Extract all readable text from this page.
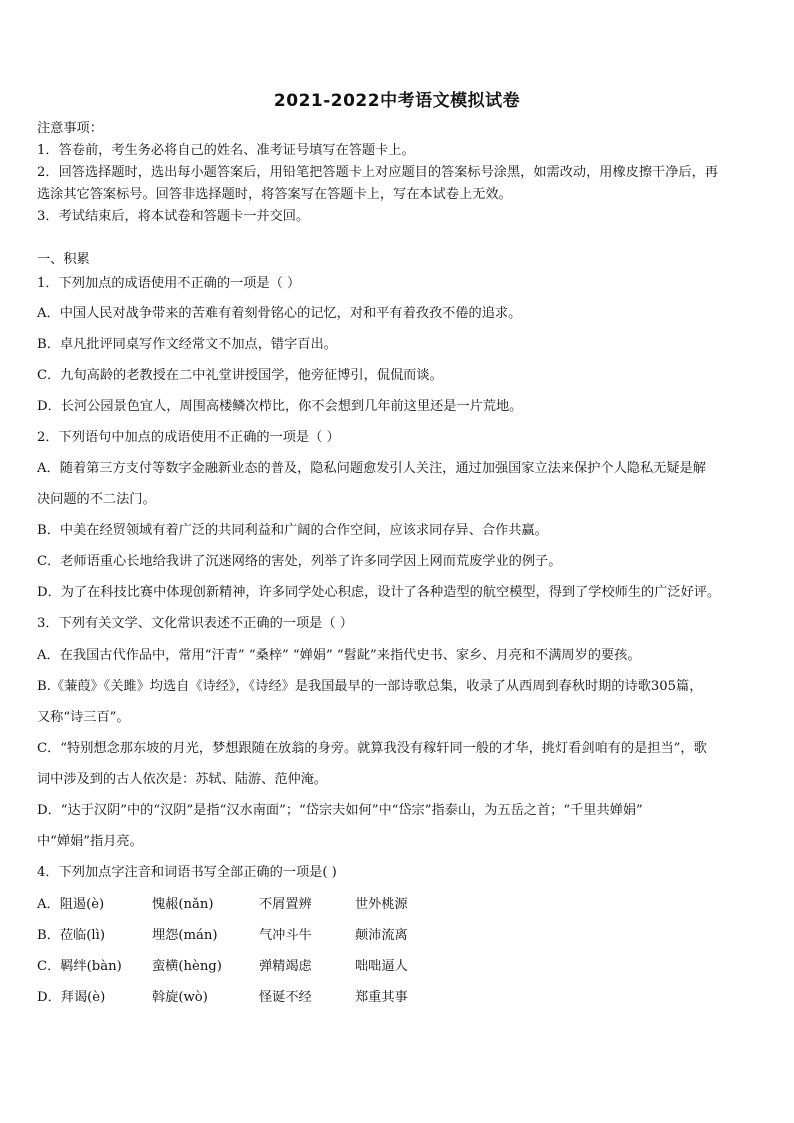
2021-2022中考语文模拟试卷
注意事项：
1．答卷前，考生务必将自己的姓名、准考证号填写在答题卡上。
2．回答选择题时，选出每小题答案后，用铅笔把答题卡上对应题目的答案标号涂黑，如需改动，用橡皮擦干净后，再
选涂其它答案标号。回答非选择题时，将答案写在答题卡上，写在本试卷上无效。
3．考试结束后，将本试卷和答题卡一并交回。
一、积累
1．下列加点的成语使用不正确的一项是（ ）
A．中国人民对战争带来的苦难有着刻骨铭心的记忆，对和平有着孜孜不倦的追求。
B．卓凡批评同桌写作文经常文不加点，错字百出。
C．九旬高龄的老教授在二中礼堂讲授国学，他旁征博引，侃侃而谈。
D．长河公园景色宜人，周围高楼鳞次栉比，你不会想到几年前这里还是一片荒地。
2．下列语句中加点的成语使用不正确的一项是（ ）
A．随着第三方支付等数字金融新业态的普及，隐私问题愈发引人关注，通过加强国家立法来保护个人隐私无疑是解
决问题的不二法门。
B．中美在经贸领域有着广泛的共同利益和广阔的合作空间，应该求同存异、合作共赢。
C．老师语重心长地给我讲了沉迷网络的害处，列举了许多同学因上网而荒废学业的例子。
D．为了在科技比赛中体现创新精神，许多同学处心积虑，设计了各种造型的航空模型，得到了学校师生的广泛好评。
3．下列有关文学、文化常识表述不正确的一项是（ ）
A．在我国古代作品中，常用“汗青” “桑梓” “婵娟” “髫龀”来指代史书、家乡、月亮和不满周岁的要孩。
B.《蒹葭》《关雎》均选自《诗经》，《诗经》是我国最早的一部诗歌总集，收录了从西周到春秋时期的诗歌305篇，
又称“诗三百”。
C．“特别想念那东坡的月光，梦想跟随在放翁的身旁。就算我没有稼轩同一般的才华，挑灯看剑咱有的是担当”，歌
词中涉及到的古人依次是：苏轼、陆游、范仲淹。
D．“达于汉阴”中的“汉阴”是指“汉水南面”；“岱宗夫如何”中“岱宗”指泰山，为五岳之首；“千里共婵娟”
中“婵娟”指月亮。
4．下列加点字注音和词语书写全部正确的一项是( )
A．阻遏(è)	愧赧(nǎn)	不屑置辨	世外桃源
B．莅临(lì)	埋怨(mán)	气冲斗牛	颠沛流离
C．羁绊(bàn) 蛮横(hèng)	弹精竭虑	咄咄逼人
D．拜谒(è)	斡旋(wò)	怪诞不经	郑重其事
